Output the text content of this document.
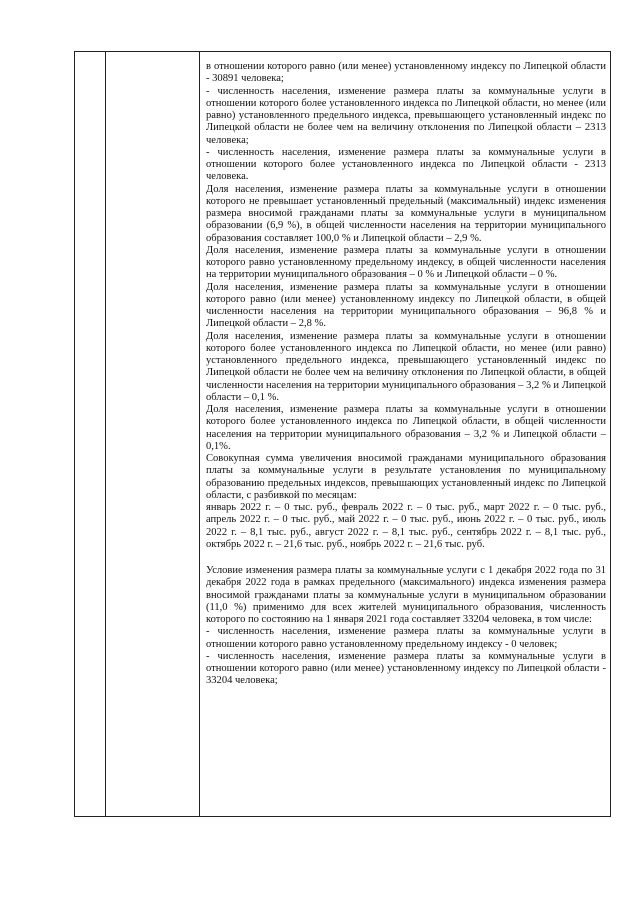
в отношении которого равно (или менее) установленному индексу по Липецкой области - 30891 человека;

- численность населения, изменение размера платы за коммунальные услуги в отношении которого более установленного индекса по Липецкой области, но менее (или равно) установленного предельного индекса, превышающего установленный индекс по Липецкой области не более чем на величину отклонения по Липецкой области – 2313 человека;

- численность населения, изменение размера платы за коммунальные услуги в отношении которого более установленного индекса по Липецкой области - 2313 человека.

Доля населения, изменение размера платы за коммунальные услуги в отношении которого не превышает установленный предельный (максимальный) индекс изменения размера вносимой гражданами платы за коммунальные услуги в муниципальном образовании (6,9 %), в общей численности населения на территории муниципального образования составляет 100,0 % и Липецкой области – 2,9 %.

Доля населения, изменение размера платы за коммунальные услуги в отношении которого равно установленному предельному индексу, в общей численности населения на территории муниципального образования – 0 % и Липецкой области – 0 %.

Доля населения, изменение размера платы за коммунальные услуги в отношении которого равно (или менее) установленному индексу по Липецкой области, в общей численности населения на территории муниципального образования – 96,8 % и Липецкой области – 2,8 %.

Доля населения, изменение размера платы за коммунальные услуги в отношении которого более установленного индекса по Липецкой области, но менее (или равно) установленного предельного индекса, превышающего установленный индекс по Липецкой области не более чем на величину отклонения по Липецкой области, в общей численности населения на территории муниципального образования – 3,2 % и Липецкой области – 0,1 %.

Доля населения, изменение размера платы за коммунальные услуги в отношении которого более установленного индекса по Липецкой области, в общей численности населения на территории муниципального образования – 3,2 % и Липецкой области – 0,1%.

Совокупная сумма увеличения вносимой гражданами муниципального образования платы за коммунальные услуги в результате установления по муниципальному образованию предельных индексов, превышающих установленный индекс по Липецкой области, с разбивкой по месяцам:

январь 2022 г. – 0 тыс. руб., февраль 2022 г. – 0 тыс. руб., март 2022 г. – 0 тыс. руб., апрель 2022 г. – 0 тыс. руб., май 2022 г. – 0 тыс. руб., июнь 2022 г. – 0 тыс. руб., июль 2022 г. – 8,1 тыс. руб., август 2022 г. – 8,1 тыс. руб., сентябрь 2022 г. – 8,1 тыс. руб., октябрь 2022 г. – 21,6 тыс. руб., ноябрь 2022 г. – 21,6 тыс. руб.

Условие изменения размера платы за коммунальные услуги с 1 декабря 2022 года по 31 декабря 2022 года в рамках предельного (максимального) индекса изменения размера вносимой гражданами платы за коммунальные услуги в муниципальном образовании (11,0 %) применимо для всех жителей муниципального образования, численность которого по состоянию на 1 января 2021 года составляет 33204 человека, в том числе:

- численность населения, изменение размера платы за коммунальные услуги в отношении которого равно установленному предельному индексу - 0 человек;

- численность населения, изменение размера платы за коммунальные услуги в отношении которого равно (или менее) установленному индексу по Липецкой области - 33204 человека;
